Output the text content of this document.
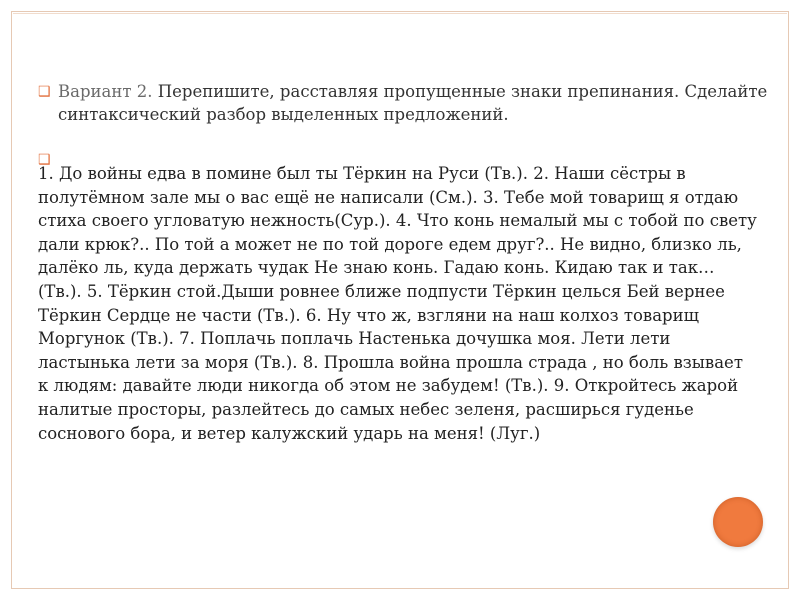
❑ Вариант 2. Перепишите, расставляя пропущенные знаки препинания. Сделайте синтаксический разбор выделенных предложений.
❑
1. До войны едва в помине был ты Тёркин на Руси (Тв.). 2. Наши сёстры в полутёмном зале мы о вас ещё не написали (См.). 3. Тебе мой товарищ я отдаю стиха своего угловатую нежность(Сур.). 4. Что конь немалый мы с тобой по свету дали крюк?.. По той а может не по той дороге едем друг?.. Не видно, близко ль, далёко ль, куда держать чудак Не знаю конь. Гадаю конь. Кидаю так и так… (Тв.). 5. Тёркин стой.Дыши ровнее ближе подпусти Тёркин целься Бей вернее Тёркин Сердце не части (Тв.). 6. Ну что ж, взгляни на наш колхоз товарищ Моргунок (Тв.). 7. Поплачь поплачь Настенька дочушка моя. Лети лети ластынька лети за моря (Тв.). 8. Прошла война прошла страда , но боль взывает к людям: давайте люди никогда об этом не забудем! (Тв.). 9. Откройтесь жарой налитые просторы, разлейтесь до самых небес зеленя, расширься гуденье соснового бора, и ветер калужский ударь на меня! (Луг.)
